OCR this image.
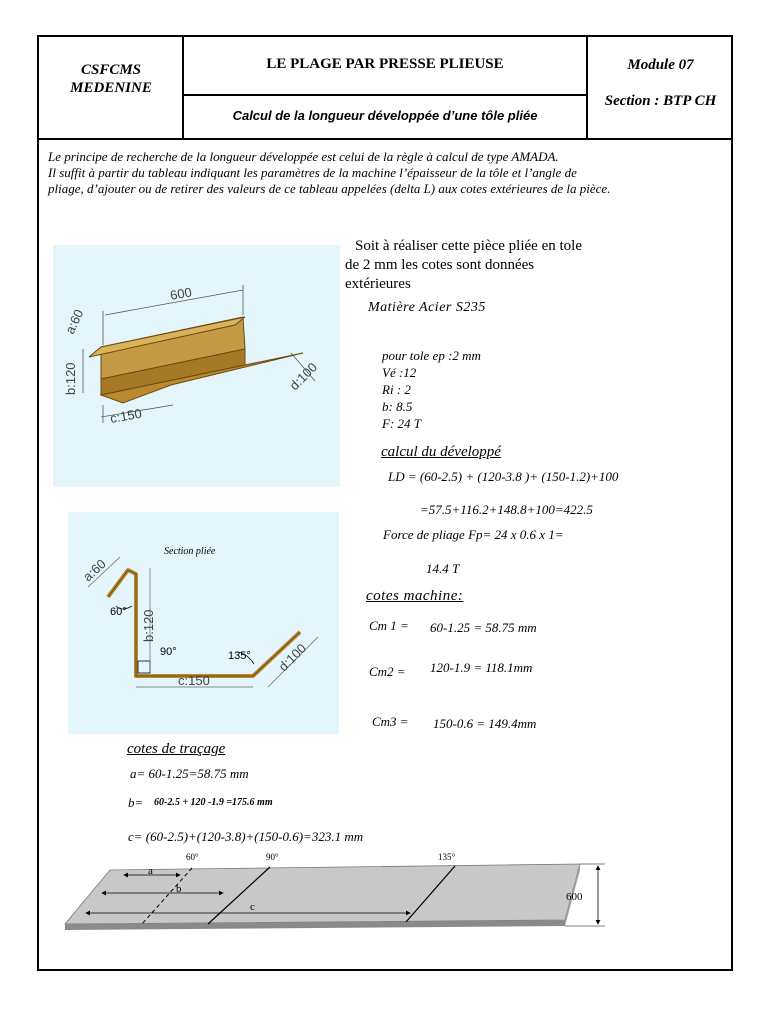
CSFCMS
MEDENINE
LE PLAGE PAR PRESSE PLIEUSE
Calcul de la longueur développée d’une tôle pliée
Module 07
Section : BTP CH
Le principe de recherche de la longueur développée est celui de la règle à calcul de type AMADA.
Il suffit à partir du tableau indiquant les paramètres de la machine l’épaisseur de la tôle et l’angle de
pliage, d’ajouter ou de retirer des valeurs de ce tableau appelées (delta L) aux cotes extérieures de la pièce.
600
a:60
b:120
c:150
d:100
Soit à réaliser cette pièce pliée en tole
de 2 mm les cotes sont données
extérieures
Matière Acier S235
pour tole ep :2 mm
Vé :12
Ri : 2
b: 8.5
F: 24 T
calcul du développé
LD = (60-2.5) + (120-3.8 )+ (150-1.2)+100
=57.5+116.2+148.8+100=422.5
Force de pliage Fp= 24 x 0.6 x 1=
14.4 T
Section pliée
a:60
b:120
c:150
d:100
60°
90°	135°
cotes machine:
Cm 1 = 60-1.25 = 58.75 mm
Cm2 = 120-1.9 = 118.1mm
Cm3 = 150-0.6 = 149.4mm
cotes de traçage
a= 60-1.25=58.75 mm
b= 60-2.5 + 120 -1.9 =175.6 mm
c= (60-2.5)+(120-3.8)+(150-0.6)=323.1 mm
60°	90°	135°
a
b
c
600
